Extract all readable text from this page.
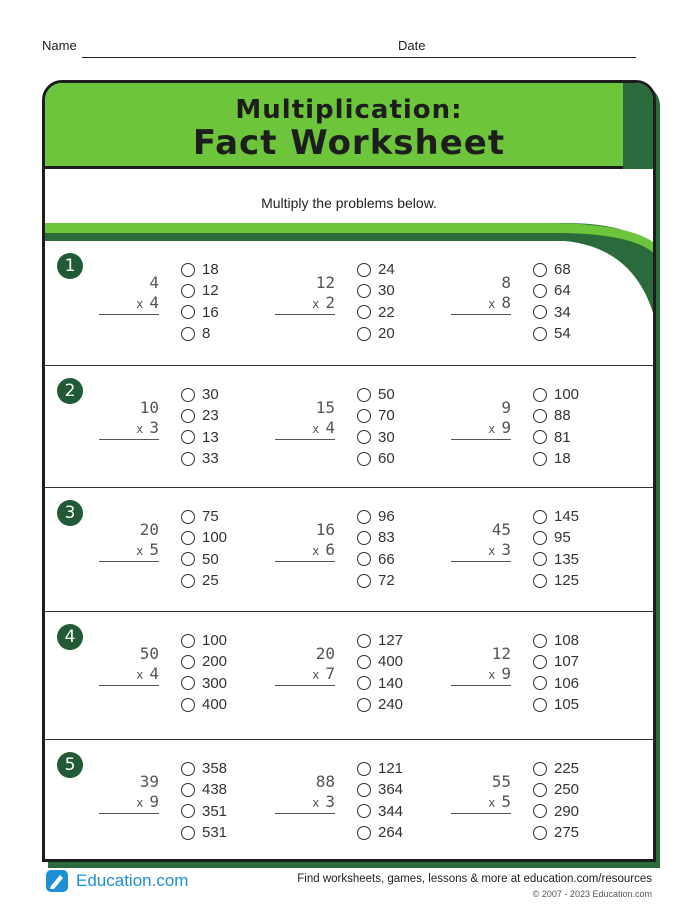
Name	Date
Multiplication:
Fact Worksheet
Multiply the problems below.
1
4
x 4
18
12
16
8
12
x 2
24
30
22
20
8
x 8
68
64
34
54
2
10
x 3
30
23
13
33
15
x 4
50
70
30
60
9
x 9
100
88
81
18
3
20
x 5
75
100
50
25
16
x 6
96
83
66
72
45
x 3
145
95
135
125
4
50
x 4
100
200
300
400
20
x 7
127
400
140
240
12
x 9
108
107
106
105
5
39
x 9
358
438
351
531
88
x 3
121
364
344
264
55
x 5
225
250
290
275
Education.com	Find worksheets, games, lessons & more at education.com/resources
© 2007 - 2023 Education.com
